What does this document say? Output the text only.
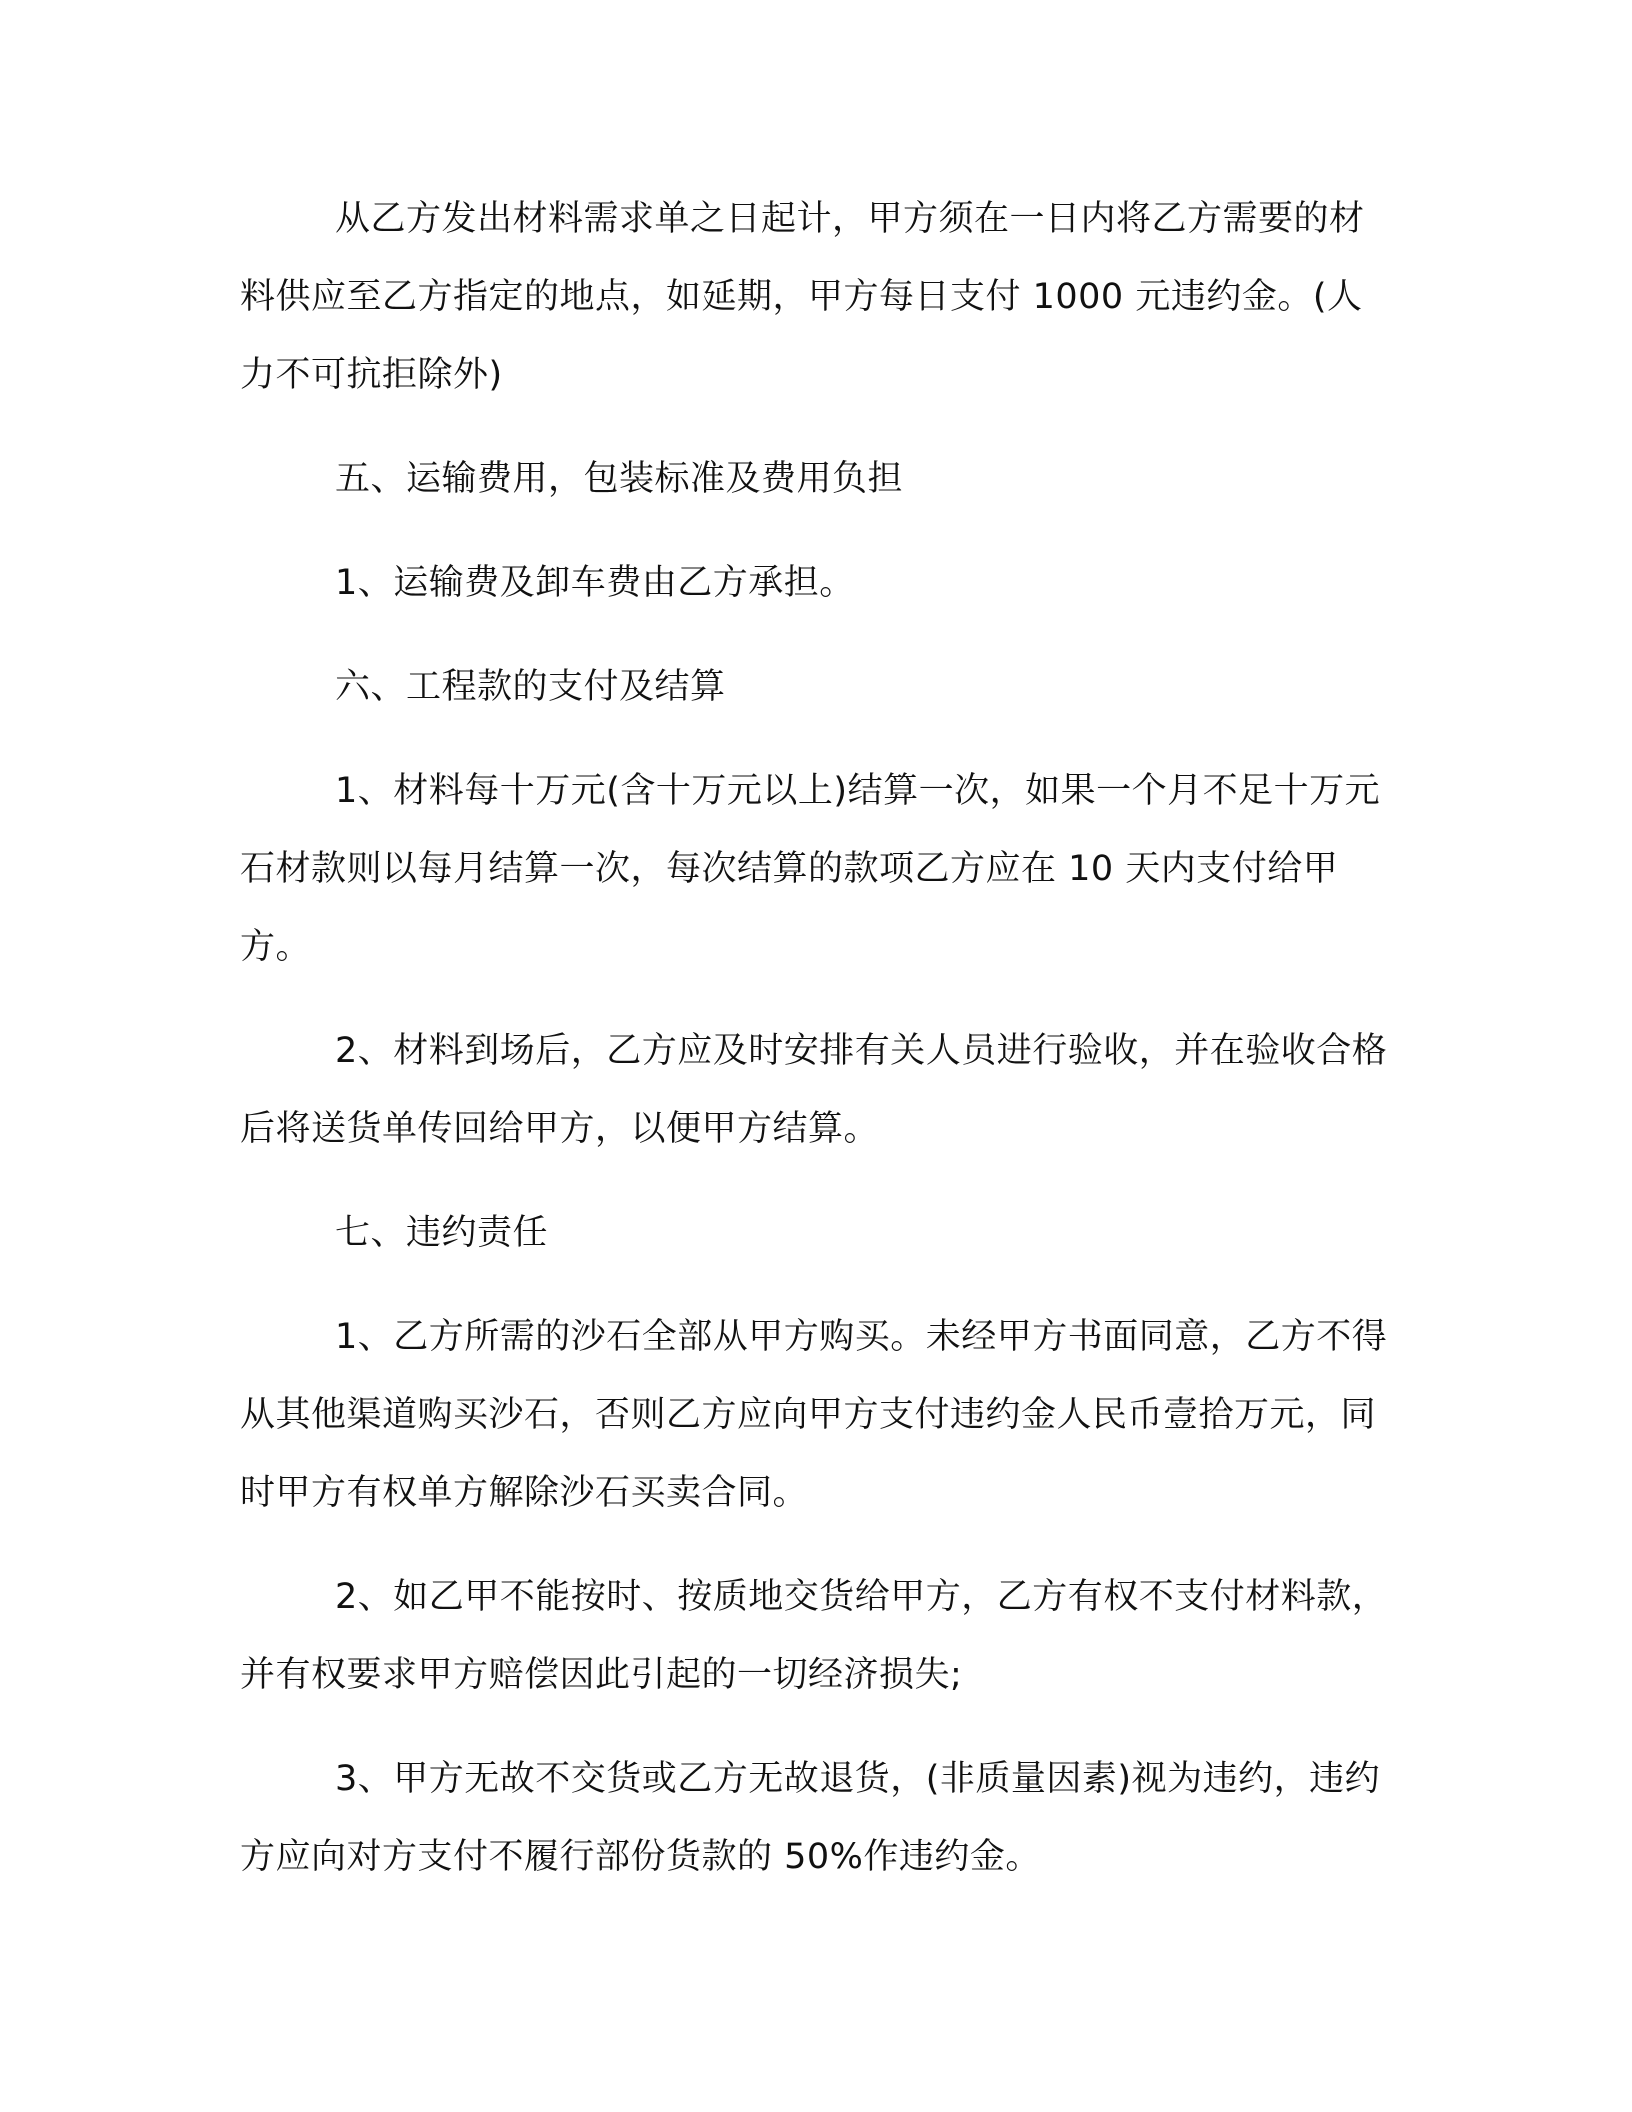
从乙方发出材料需求单之日起计，甲方须在一日内将乙方需要的材料供应至乙方指定的地点，如延期，甲方每日支付 1000 元违约金。(人力不可抗拒除外)

五、运输费用，包装标准及费用负担

1、运输费及卸车费由乙方承担。

六、工程款的支付及结算

1、材料每十万元(含十万元以上)结算一次，如果一个月不足十万元石材款则以每月结算一次，每次结算的款项乙方应在 10 天内支付给甲方。

2、材料到场后，乙方应及时安排有关人员进行验收，并在验收合格后将送货单传回给甲方，以便甲方结算。

七、违约责任

1、乙方所需的沙石全部从甲方购买。未经甲方书面同意，乙方不得从其他渠道购买沙石，否则乙方应向甲方支付违约金人民币壹拾万元，同时甲方有权单方解除沙石买卖合同。

2、如乙甲不能按时、按质地交货给甲方，乙方有权不支付材料款，并有权要求甲方赔偿因此引起的一切经济损失;

3、甲方无故不交货或乙方无故退货，(非质量因素)视为违约，违约方应向对方支付不履行部份货款的 50%作违约金。
